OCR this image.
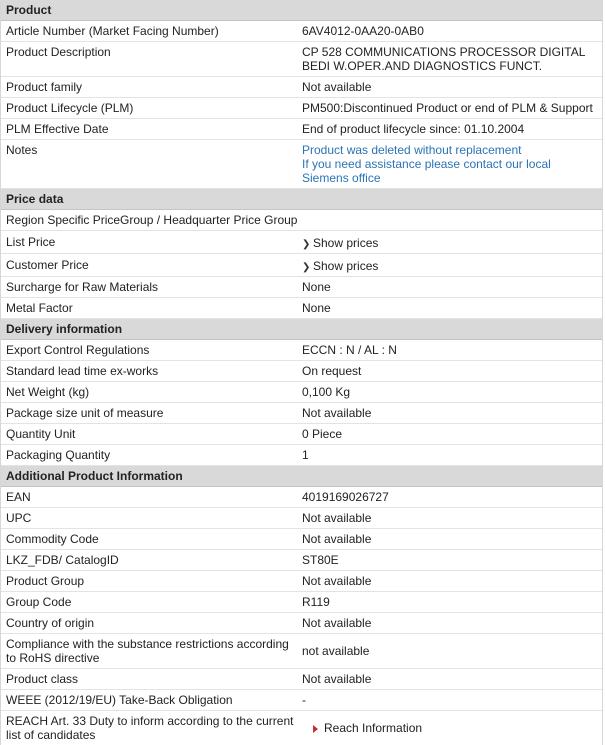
Product
Article Number (Market Facing Number)	6AV4012-0AA20-0AB0
Product Description	CP 528 COMMUNICATIONS PROCESSOR DIGITAL
BEDI W.OPER.AND DIAGNOSTICS FUNCT.
Product family	Not available
Product Lifecycle (PLM)	PM500:Discontinued Product or end of PLM & Support
PLM Effective Date	End of product lifecycle since: 01.10.2004
Notes	Product was deleted without replacement
If you need assistance please contact our local
Siemens office
Price data
Region Specific PriceGroup / Headquarter Price Group
List Price	❯ Show prices
Customer Price	❯ Show prices
Surcharge for Raw Materials	None
Metal Factor	None
Delivery information
Export Control Regulations	ECCN : N / AL : N
Standard lead time ex-works	On request
Net Weight (kg)	0,100 Kg
Package size unit of measure	Not available
Quantity Unit	0 Piece
Packaging Quantity	1
Additional Product Information
EAN	4019169026727
UPC	Not available
Commodity Code	Not available
LKZ_FDB/ CatalogID	ST80E
Product Group	Not available
Group Code	R119
Country of origin	Not available
Compliance with the substance restrictions according
to RoHS directive	not available
Product class	Not available
WEEE (2012/19/EU) Take-Back Obligation	-
REACH Art. 33 Duty to inform according to the current
list of candidates	Reach Information
